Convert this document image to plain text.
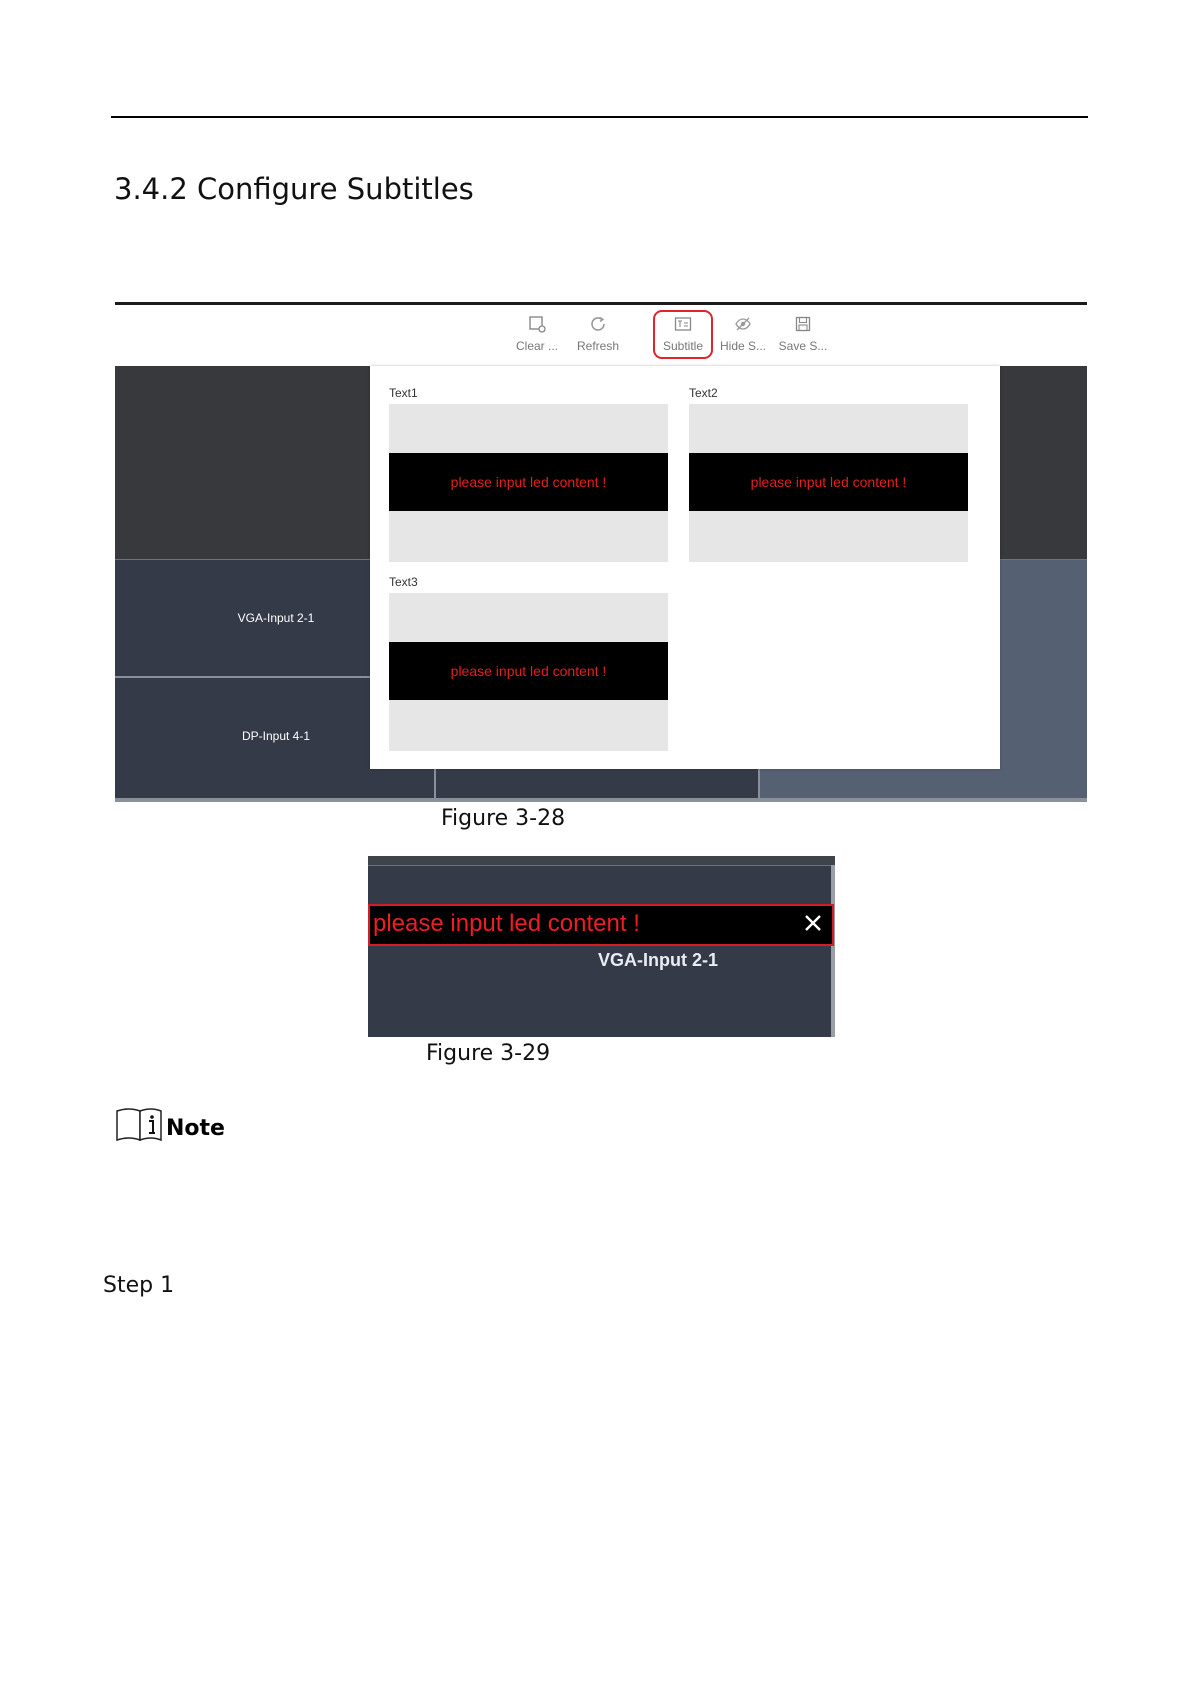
3.4.2 Configure Subtitles
Clear ...	Refresh	Subtitle	Hide S...	Save S...
VGA-Input 2-1
DP-Input 4-1
Text1
please input led content !
Text2
please input led content !
Text3
please input led content !
Figure 3-28
VGA-Input 2-1
please input led content !
Figure 3-29
Note
Step 1
